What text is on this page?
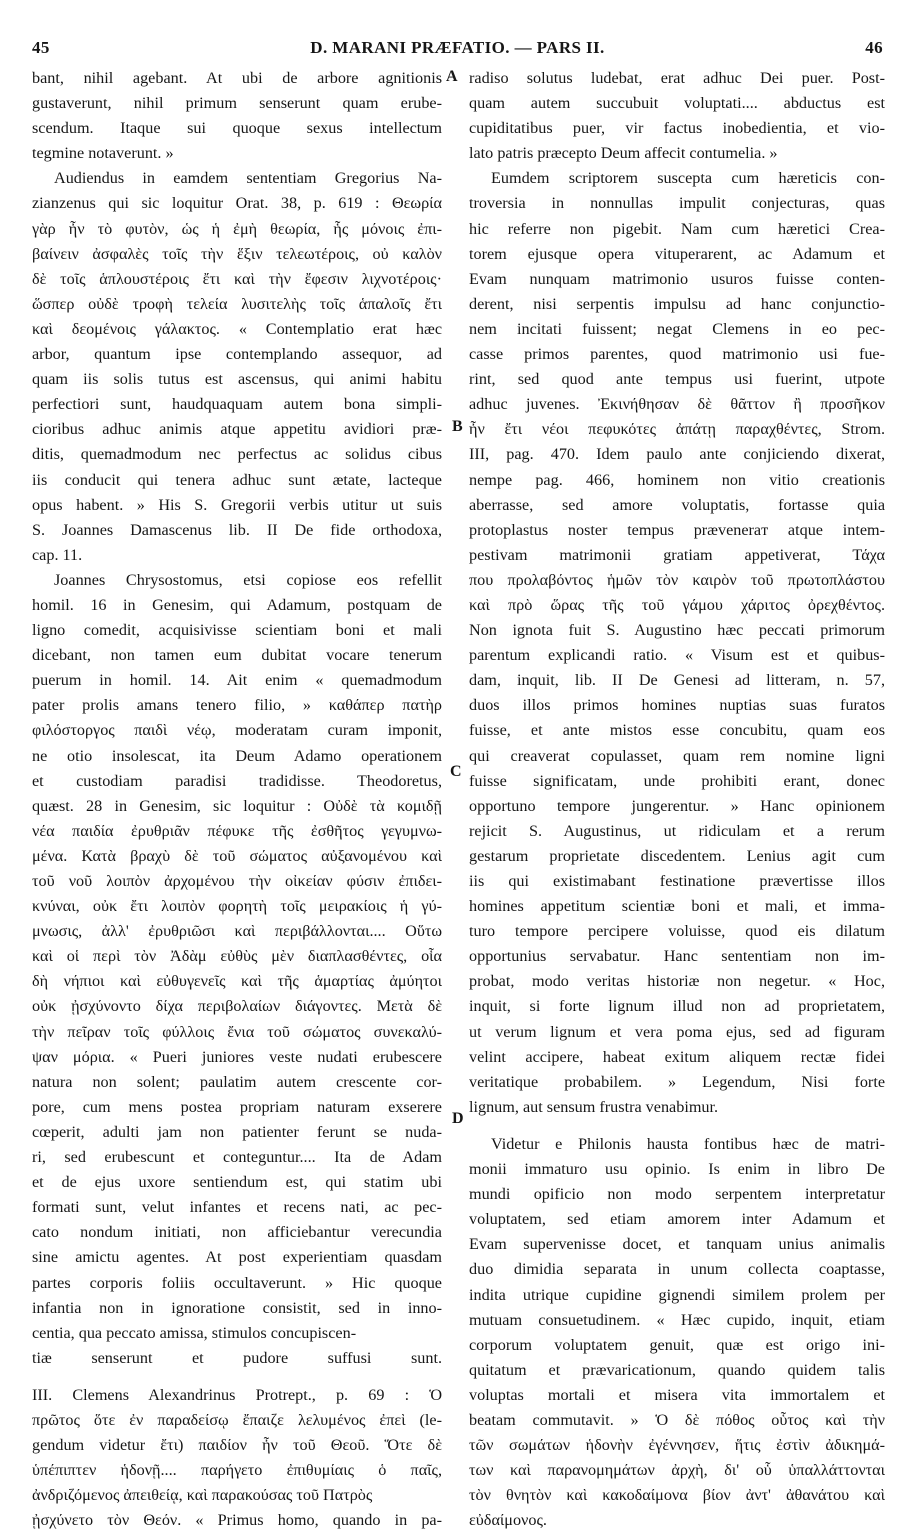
45	D. MARANI PRÆFATIO. — PARS II.	46
A
B
C
D
bant, nihil agebant. At ubi de arbore agnitionis
gustaverunt, nihil primum senserunt quam erube-
scendum. Itaque sui quoque sexus intellectum
tegmine notaverunt. »
Audiendus in eamdem sententiam Gregorius Na-
zianzenus qui sic loquitur Orat. 38, p. 619 : Θεωρία
γὰρ ἦν τὸ φυτὸν, ὡς ἡ ἐμὴ θεωρία, ἧς μόνοις ἐπι-
βαίνειν ἀσφαλὲς τοῖς τὴν ἕξιν τελεωτέροις, οὐ καλὸν
δὲ τοῖς ἁπλουστέροις ἔτι καὶ τὴν ἔφεσιν λιχνοτέροις·
ὥσπερ οὐδὲ τροφὴ τελεία λυσιτελὴς τοῖς ἁπαλοῖς ἔτι
καὶ δεομένοις γάλακτος. « Contemplatio erat hæc
arbor, quantum ipse contemplando assequor, ad
quam iis solis tutus est ascensus, qui animi habitu
perfectiori sunt, haudquaquam autem bona simpli-
cioribus adhuc animis atque appetitu avidiori præ-
ditis, quemadmodum nec perfectus ac solidus cibus
iis conducit qui tenera adhuc sunt ætate, lacteque
opus habent. » His S. Gregorii verbis utitur ut suis
S. Joannes Damascenus lib. II De fide orthodoxa,
cap. 11.
Joannes Chrysostomus, etsi copiose eos refellit
homil. 16 in Genesim, qui Adamum, postquam de
ligno comedit, acquisivisse scientiam boni et mali
dicebant, non tamen eum dubitat vocare tenerum
puerum in homil. 14. Ait enim « quemadmodum
pater prolis amans tenero filio, » καθάπερ πατὴρ
φιλόστοργος παιδὶ νέῳ, moderatam curam imponit,
ne otio insolescat, ita Deum Adamo operationem
et custodiam paradisi tradidisse. Theodoretus,
quæst. 28 in Genesim, sic loquitur : Οὐδὲ τὰ κομιδῇ
νέα παιδία ἐρυθριᾶν πέφυκε τῆς ἐσθῆτος γεγυμνω-
μένα. Κατὰ βραχὺ δὲ τοῦ σώματος αὐξανομένου καὶ
τοῦ νοῦ λοιπὸν ἀρχομένου τὴν οἰκείαν φύσιν ἐπιδει-
κνύναι, οὐκ ἔτι λοιπὸν φορητὴ τοῖς μειρακίοις ἡ γύ-
μνωσις, ἀλλ' ἐρυθριῶσι καὶ περιβάλλονται.... Οὕτω
καὶ οἱ περὶ τὸν Ἀδὰμ εὐθὺς μὲν διαπλασθέντες, οἷα
δὴ νήπιοι καὶ εὐθυγενεῖς καὶ τῆς ἁμαρτίας ἀμύητοι
οὐκ ᾐσχύνοντο δίχα περιβολαίων διάγοντες. Μετὰ δὲ
τὴν πεῖραν τοῖς φύλλοις ἔνια τοῦ σώματος συνεκαλύ-
ψαν μόρια. « Pueri juniores veste nudati erubescere
natura non solent; paulatim autem crescente cor-
pore, cum mens postea propriam naturam exserere
cœperit, adulti jam non patienter ferunt se nuda-
ri, sed erubescunt et conteguntur.... Ita de Adam
et de ejus uxore sentiendum est, qui statim ubi
formati sunt, velut infantes et recens nati, ac pec-
cato nondum initiati, non afficiebantur verecundia
sine amictu agentes. At post experientiam quasdam
partes corporis foliis occultaverunt. » Hic quoque
infantia non in ignoratione consistit, sed in inno-
centia, qua peccato amissa, stimulos concupiscen-
tiæ senserunt et pudore suffusi sunt.
III. Clemens Alexandrinus Protrept., p. 69 : Ὁ
πρῶτος ὅτε ἐν παραδείσῳ ἔπαιζε λελυμένος ἐπεὶ (le-
gendum videtur ἔτι) παιδίον ἦν τοῦ Θεοῦ. Ὅτε δὲ
ὑπέπιπτεν ἡδονῇ.... παρήγετο ἐπιθυμίαις ὁ παῖς,
ἀνδριζόμενος ἀπειθείᾳ, καὶ παρακούσας τοῦ Πατρὸς
ᾐσχύνετο τὸν Θεόν. « Primus homo, quando in pa-
radiso solutus ludebat, erat adhuc Dei puer. Post-
quam autem succubuit voluptati.... abductus est
cupiditatibus puer, vir factus inobedientia, et vio-
lato patris præcepto Deum affecit contumelia. »
Eumdem scriptorem suscepta cum hæreticis con-
troversia in nonnullas impulit conjecturas, quas
hic referre non pigebit. Nam cum hæretici Crea-
torem ejusque opera vituperarent, ac Adamum et
Evam nunquam matrimonio usuros fuisse conten-
derent, nisi serpentis impulsu ad hanc conjunctio-
nem incitati fuissent; negat Clemens in eo pec-
casse primos parentes, quod matrimonio usi fue-
rint, sed quod ante tempus usi fuerint, utpote
adhuc juvenes. Ἐκινήθησαν δὲ θᾶττον ἢ προσῆκον
ἦν ἔτι νέοι πεφυκότες ἀπάτῃ παραχθέντες, Strom.
III, pag. 470. Idem paulo ante conjiciendo dixerat,
nempe pag. 466, hominem non vitio creationis
aberrasse, sed amore voluptatis, fortasse quia
protoplastus noster tempus præveneraт atque intem-
pestivam matrimonii gratiam appetiverat, Τάχα
που προλαβόντος ἡμῶν τὸν καιρὸν τοῦ πρωτοπλάστου
καὶ πρὸ ὥρας τῆς τοῦ γάμου χάριτος ὀρεχθέντος.
Non ignota fuit S. Augustino hæc peccati primorum
parentum explicandi ratio. « Visum est et quibus-
dam, inquit, lib. II De Genesi ad litteram, n. 57,
duos illos primos homines nuptias suas furatos
fuisse, et ante mistos esse concubitu, quam eos
qui creaverat copulasset, quam rem nomine ligni
fuisse significatam, unde prohibiti erant, donec
opportuno tempore jungerentur. » Hanc opinionem
rejicit S. Augustinus, ut ridiculam et a rerum
gestarum proprietate discedentem. Lenius agit cum
iis qui existimabant festinatione prævertisse illos
homines appetitum scientiæ boni et mali, et imma-
turo tempore percipere voluisse, quod eis dilatum
opportunius servabatur. Hanc sententiam non im-
probat, modo veritas historiæ non negetur. « Hoc,
inquit, si forte lignum illud non ad proprietatem,
ut verum lignum et vera poma ejus, sed ad figuram
velint accipere, habeat exitum aliquem rectæ fidei
veritatique probabilem. » Legendum, Nisi forte
lignum, aut sensum frustra venabimur.
Videtur e Philonis hausta fontibus hæc de matri-
monii immaturo usu opinio. Is enim in libro De
mundi opificio non modo serpentem interpretatur
voluptatem, sed etiam amorem inter Adamum et
Evam supervenisse docet, et tanquam unius animalis
duo dimidia separata in unum collecta coaptasse,
indita utrique cupidine gignendi similem prolem per
mutuam consuetudinem. « Hæc cupido, inquit, etiam
corporum voluptatem genuit, quæ est origo ini-
quitatum et prævaricationum, quando quidem talis
voluptas mortali et misera vita immortalem et
beatam commutavit. » Ὁ δὲ πόθος οὗτος καὶ τὴν
τῶν σωμάτων ἡδονὴν ἐγέννησεν, ἥτις ἐστὶν ἀδικημά-
των καὶ παρανομημάτων ἀρχὴ, δι' οὗ ὑπαλλάττονται
τὸν θνητὸν καὶ κακοδαίμονα βίον ἀντ' ἀθανάτου καὶ
εὐδαίμονος.
